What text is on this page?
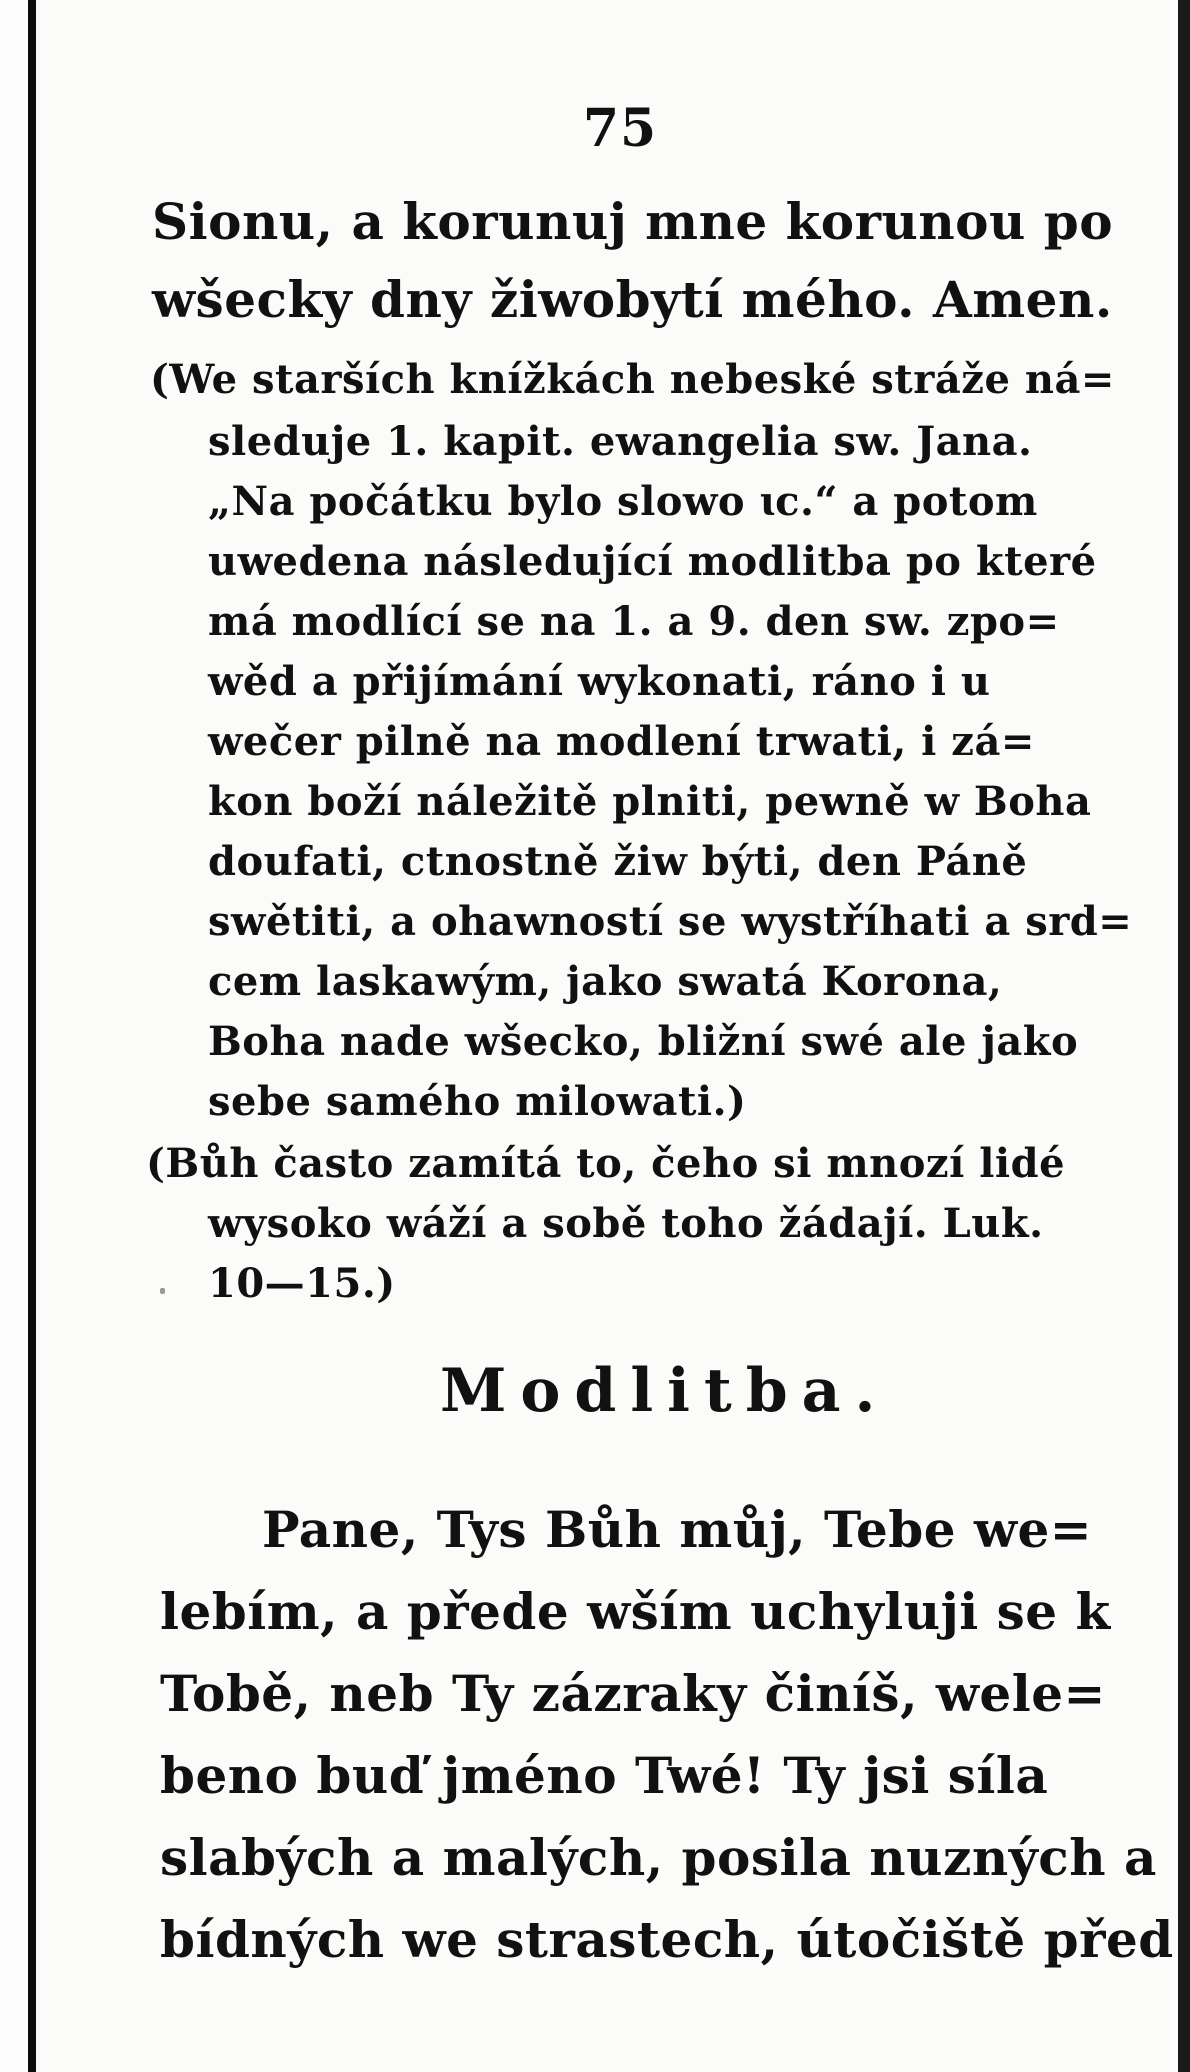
75
Sionu, a korunuj mne korunou po
wšecky dny žiwobytí mého. Amen.
(We starších knížkách nebeské stráže ná=
sleduje 1. kapit. ewangelia sw. Jana.
„Na počátku bylo slowo ɩc.“ a potom
uwedena následující modlitba po které
má modlící se na 1. a 9. den sw. zpo=
wěd a přijímání wykonati, ráno i u
wečer pilně na modlení trwati, i zá=
kon boží náležitě plniti, pewně w Boha
doufati, ctnostně žiw býti, den Páně
swětiti, a ohawností se wystříhati a srd=
cem laskawým, jako swatá Korona,
Boha nade wšecko, bližní swé ale jako
sebe samého milowati.)
(Bůh často zamítá to, čeho si mnozí lidé
wysoko wáží a sobě toho žádají. Luk.
10—15.)
Modlitba.
Pane, Tys Bůh můj, Tebe we=
lebím, a přede wším uchyluji se k
Tobě, neb Ty zázraky činíš, wele=
beno buď jméno Twé! Ty jsi síla
slabých a malých, posila nuzných a
bídných we strastech, útočiště před
